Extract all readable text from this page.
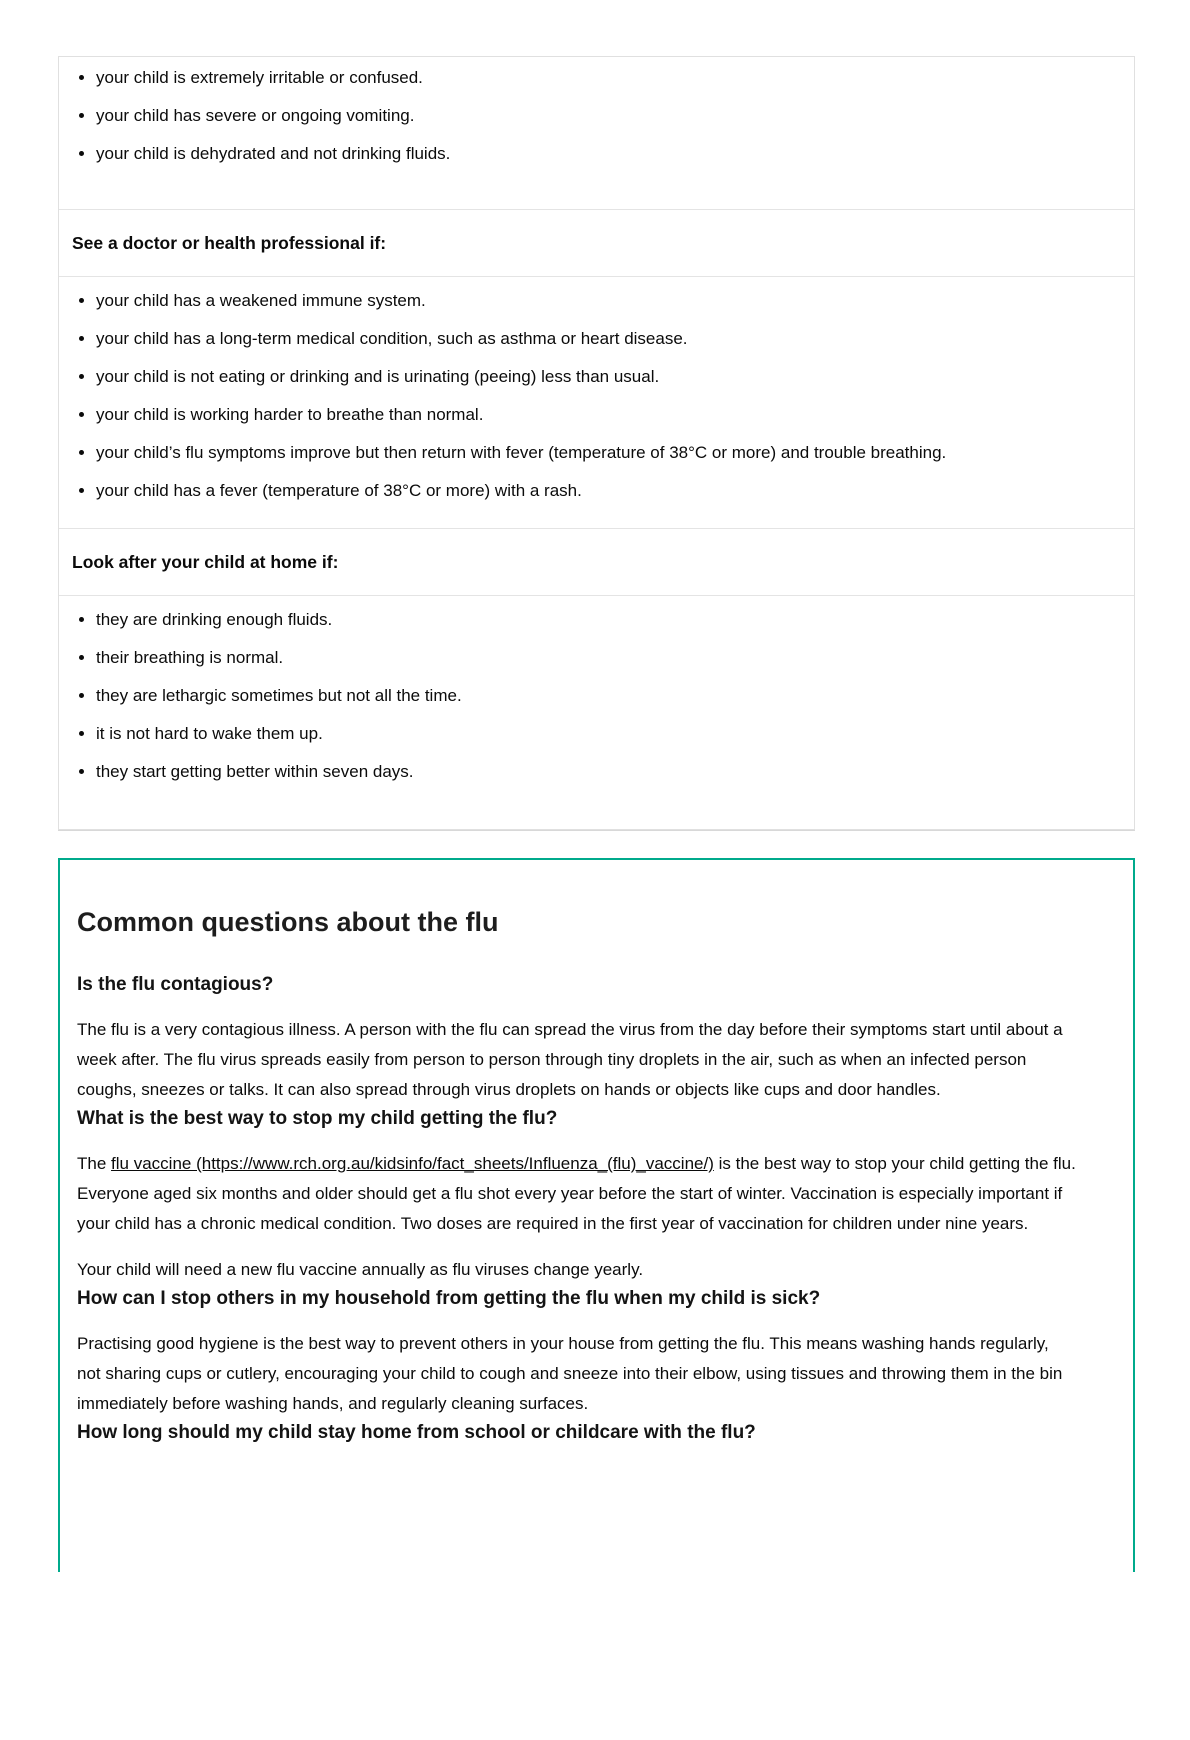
• your child is extremely irritable or confused.
• your child has severe or ongoing vomiting.
• your child is dehydrated and not drinking fluids.
See a doctor or health professional if:
• your child has a weakened immune system.
• your child has a long-term medical condition, such as asthma or heart disease.
• your child is not eating or drinking and is urinating (peeing) less than usual.
• your child is working harder to breathe than normal.
• your child’s flu symptoms improve but then return with fever (temperature of 38°C or more) and trouble breathing.
• your child has a fever (temperature of 38°C or more) with a rash.
Look after your child at home if:
• they are drinking enough fluids.
• their breathing is normal.
• they are lethargic sometimes but not all the time.
• it is not hard to wake them up.
• they start getting better within seven days.
Common questions about the flu
Is the flu contagious?

The flu is a very contagious illness. A person with the flu can spread the virus from the day before their symptoms start until about a week after. The flu virus spreads easily from person to person through tiny droplets in the air, such as when an infected person coughs, sneezes or talks. It can also spread through virus droplets on hands or objects like cups and door handles.

What is the best way to stop my child getting the flu?

The flu vaccine (https://www.rch.org.au/kidsinfo/fact_sheets/Influenza_(flu)_vaccine/) is the best way to stop your child getting the flu. Everyone aged six months and older should get a flu shot every year before the start of winter. Vaccination is especially important if your child has a chronic medical condition. Two doses are required in the first year of vaccination for children under nine years.

Your child will need a new flu vaccine annually as flu viruses change yearly.

How can I stop others in my household from getting the flu when my child is sick?

Practising good hygiene is the best way to prevent others in your house from getting the flu. This means washing hands regularly, not sharing cups or cutlery, encouraging your child to cough and sneeze into their elbow, using tissues and throwing them in the bin immediately before washing hands, and regularly cleaning surfaces.

How long should my child stay home from school or childcare with the flu?
